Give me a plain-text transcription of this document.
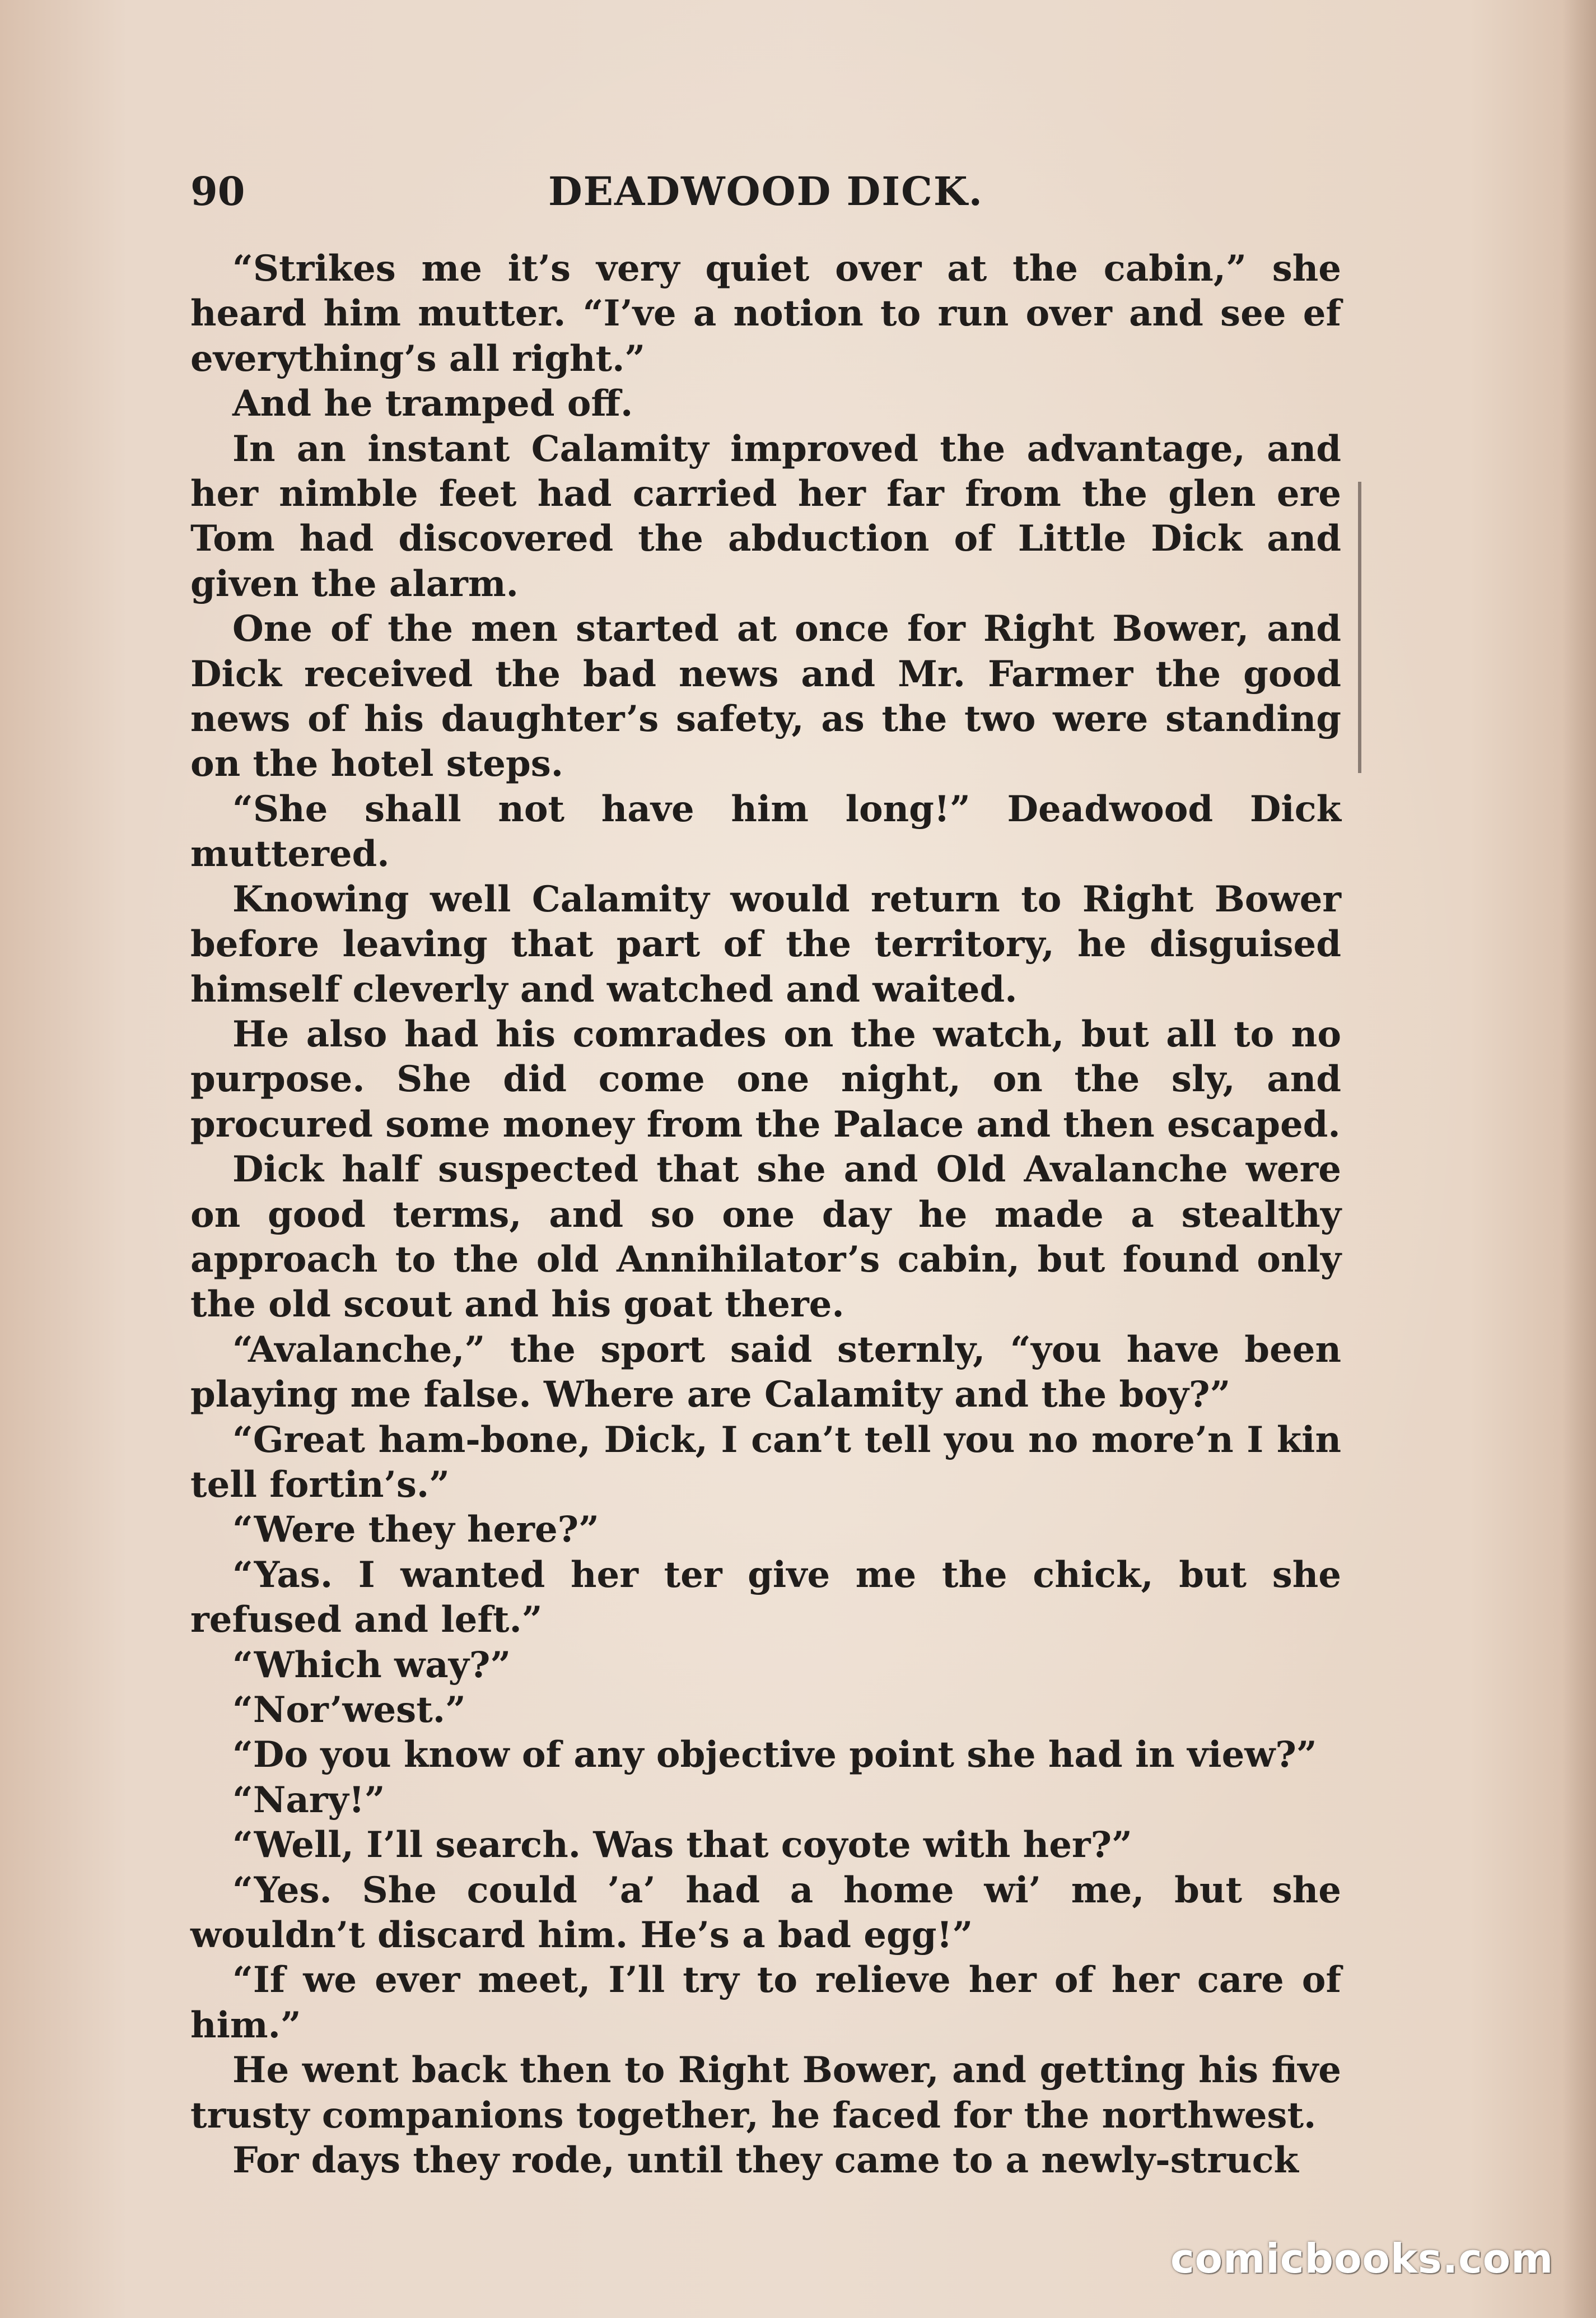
90	DEADWOOD DICK.

“Strikes me it’s very quiet over at the cabin,” she heard him mutter. “I’ve a notion to run over and see ef everything’s all right.”

And he tramped off.

In an instant Calamity improved the advantage, and her nimble feet had carried her far from the glen ere Tom had discovered the abduction of Little Dick and given the alarm.

One of the men started at once for Right Bower, and Dick received the bad news and Mr. Farmer the good news of his daughter’s safety, as the two were standing on the hotel steps.

“She shall not have him long!” Deadwood Dick muttered.

Knowing well Calamity would return to Right Bower before leaving that part of the territory, he disguised himself cleverly and watched and waited.

He also had his comrades on the watch, but all to no purpose. She did come one night, on the sly, and procured some money from the Palace and then escaped.

Dick half suspected that she and Old Avalanche were on good terms, and so one day he made a stealthy approach to the old Annihilator’s cabin, but found only the old scout and his goat there.

“Avalanche,” the sport said sternly, “you have been playing me false. Where are Calamity and the boy?”

“Great ham-bone, Dick, I can’t tell you no more’n I kin tell fortin’s.”

“Were they here?”

“Yas. I wanted her ter give me the chick, but she refused and left.”

“Which way?”

“Nor’west.”

“Do you know of any objective point she had in view?”

“Nary!”

“Well, I’ll search. Was that coyote with her?”

“Yes. She could ’a’ had a home wi’ me, but she wouldn’t discard him. He’s a bad egg!”

“If we ever meet, I’ll try to relieve her of her care of him.”

He went back then to Right Bower, and getting his five trusty companions together, he faced for the northwest.

For days they rode, until they came to a newly-struck

comicbooks.com
